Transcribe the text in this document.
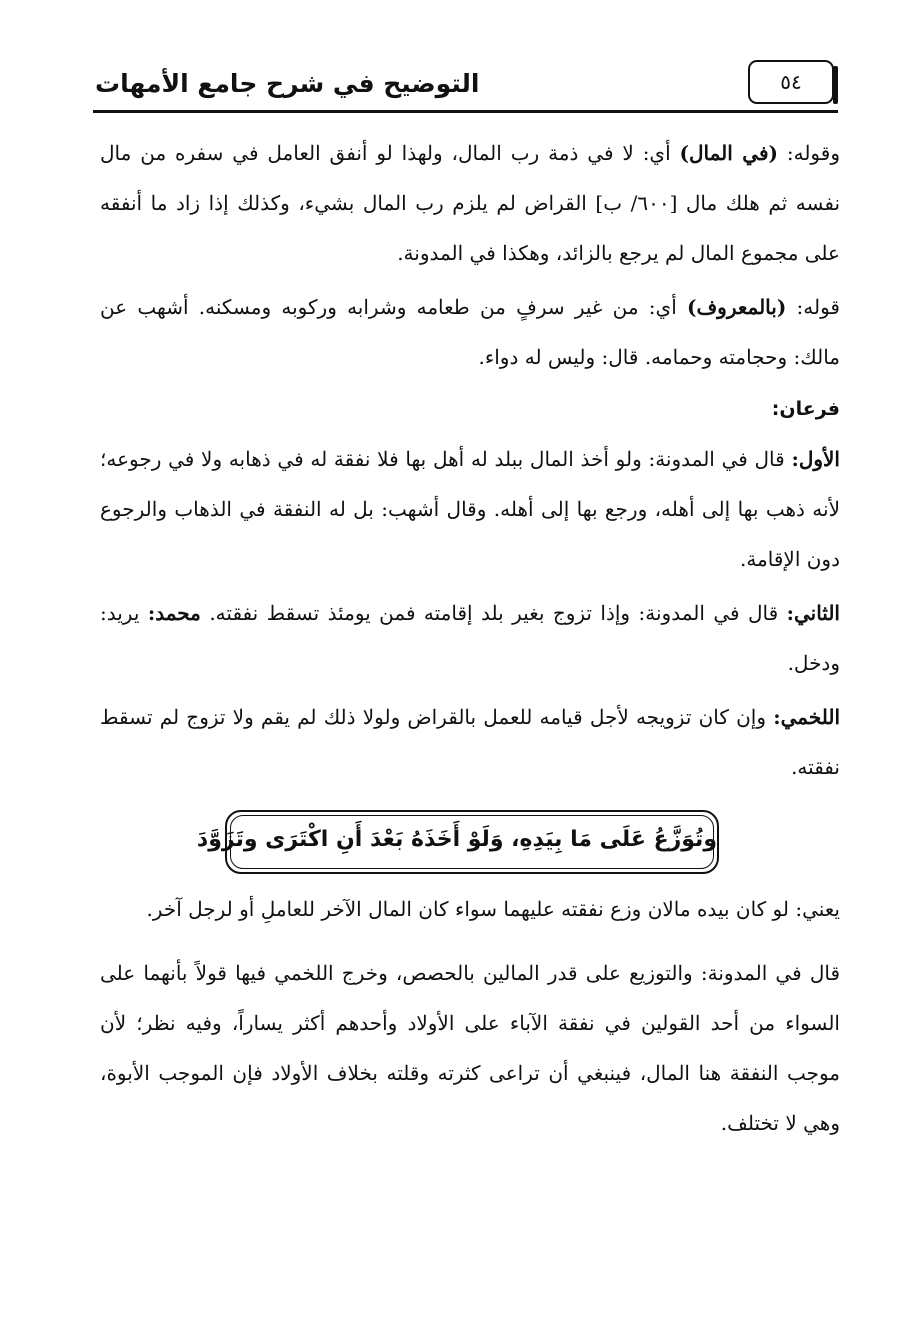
التوضيح في شرح جامع الأمهات	٥٤

وقوله: (في المال) أي: لا في ذمة رب المال، ولهذا لو أنفق العامل في سفره من مال نفسه ثم هلك مال [٦٠٠/ ب] القراض لم يلزم رب المال بشيء، وكذلك إذا زاد ما أنفقه على مجموع المال لم يرجع بالزائد، وهكذا في المدونة.

قوله: (بالمعروف) أي: من غير سرفٍ من طعامه وشرابه وركوبه ومسكنه. أشهب عن مالك: وحجامته وحمامه. قال: وليس له دواء.

فرعان:

الأول: قال في المدونة: ولو أخذ المال ببلد له أهل بها فلا نفقة له في ذهابه ولا في رجوعه؛ لأنه ذهب بها إلى أهله، ورجع بها إلى أهله. وقال أشهب: بل له النفقة في الذهاب والرجوع دون الإقامة.

الثاني: قال في المدونة: وإذا تزوج بغير بلد إقامته فمن يومئذ تسقط نفقته. محمد: يريد: ودخل.

اللخمي: وإن كان تزويجه لأجل قيامه للعمل بالقراض ولولا ذلك لم يقم ولا تزوج لم تسقط نفقته.

وتُوَزَّعُ عَلَى مَا بِيَدِهِ، وَلَوْ أَخَذَهُ بَعْدَ أَنِ اكْتَرَى وتَزَوَّدَ

يعني: لو كان بيده مالان وزع نفقته عليهما سواء كان المال الآخر للعاملِ أو لرجل آخر.

قال في المدونة: والتوزيع على قدر المالين بالحصص، وخرج اللخمي فيها قولاً بأنهما على السواء من أحد القولين في نفقة الآباء على الأولاد وأحدهم أكثر يساراً، وفيه نظر؛ لأن موجب النفقة هنا المال، فينبغي أن تراعى كثرته وقلته بخلاف الأولاد فإن الموجب الأبوة، وهي لا تختلف.
